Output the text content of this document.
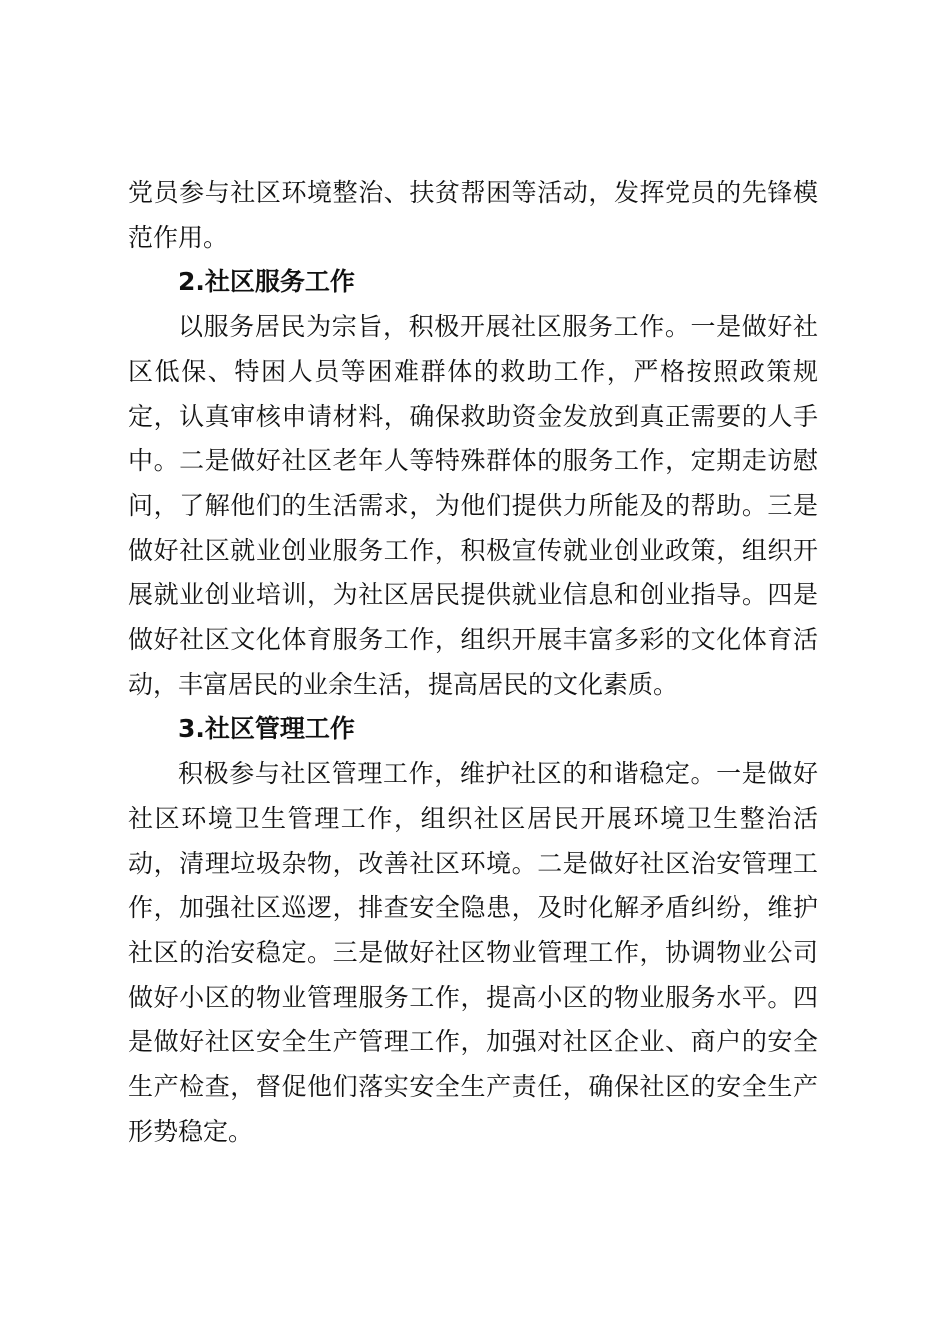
党员参与社区环境整治、扶贫帮困等活动，发挥党员的先锋模范作用。

2.社区服务工作

以服务居民为宗旨，积极开展社区服务工作。一是做好社区低保、特困人员等困难群体的救助工作，严格按照政策规定，认真审核申请材料，确保救助资金发放到真正需要的人手中。二是做好社区老年人等特殊群体的服务工作，定期走访慰问，了解他们的生活需求，为他们提供力所能及的帮助。三是做好社区就业创业服务工作，积极宣传就业创业政策，组织开展就业创业培训，为社区居民提供就业信息和创业指导。四是做好社区文化体育服务工作，组织开展丰富多彩的文化体育活动，丰富居民的业余生活，提高居民的文化素质。

3.社区管理工作

积极参与社区管理工作，维护社区的和谐稳定。一是做好社区环境卫生管理工作，组织社区居民开展环境卫生整治活动，清理垃圾杂物，改善社区环境。二是做好社区治安管理工作，加强社区巡逻，排查安全隐患，及时化解矛盾纠纷，维护社区的治安稳定。三是做好社区物业管理工作，协调物业公司做好小区的物业管理服务工作，提高小区的物业服务水平。四是做好社区安全生产管理工作，加强对社区企业、商户的安全生产检查，督促他们落实安全生产责任，确保社区的安全生产形势稳定。
